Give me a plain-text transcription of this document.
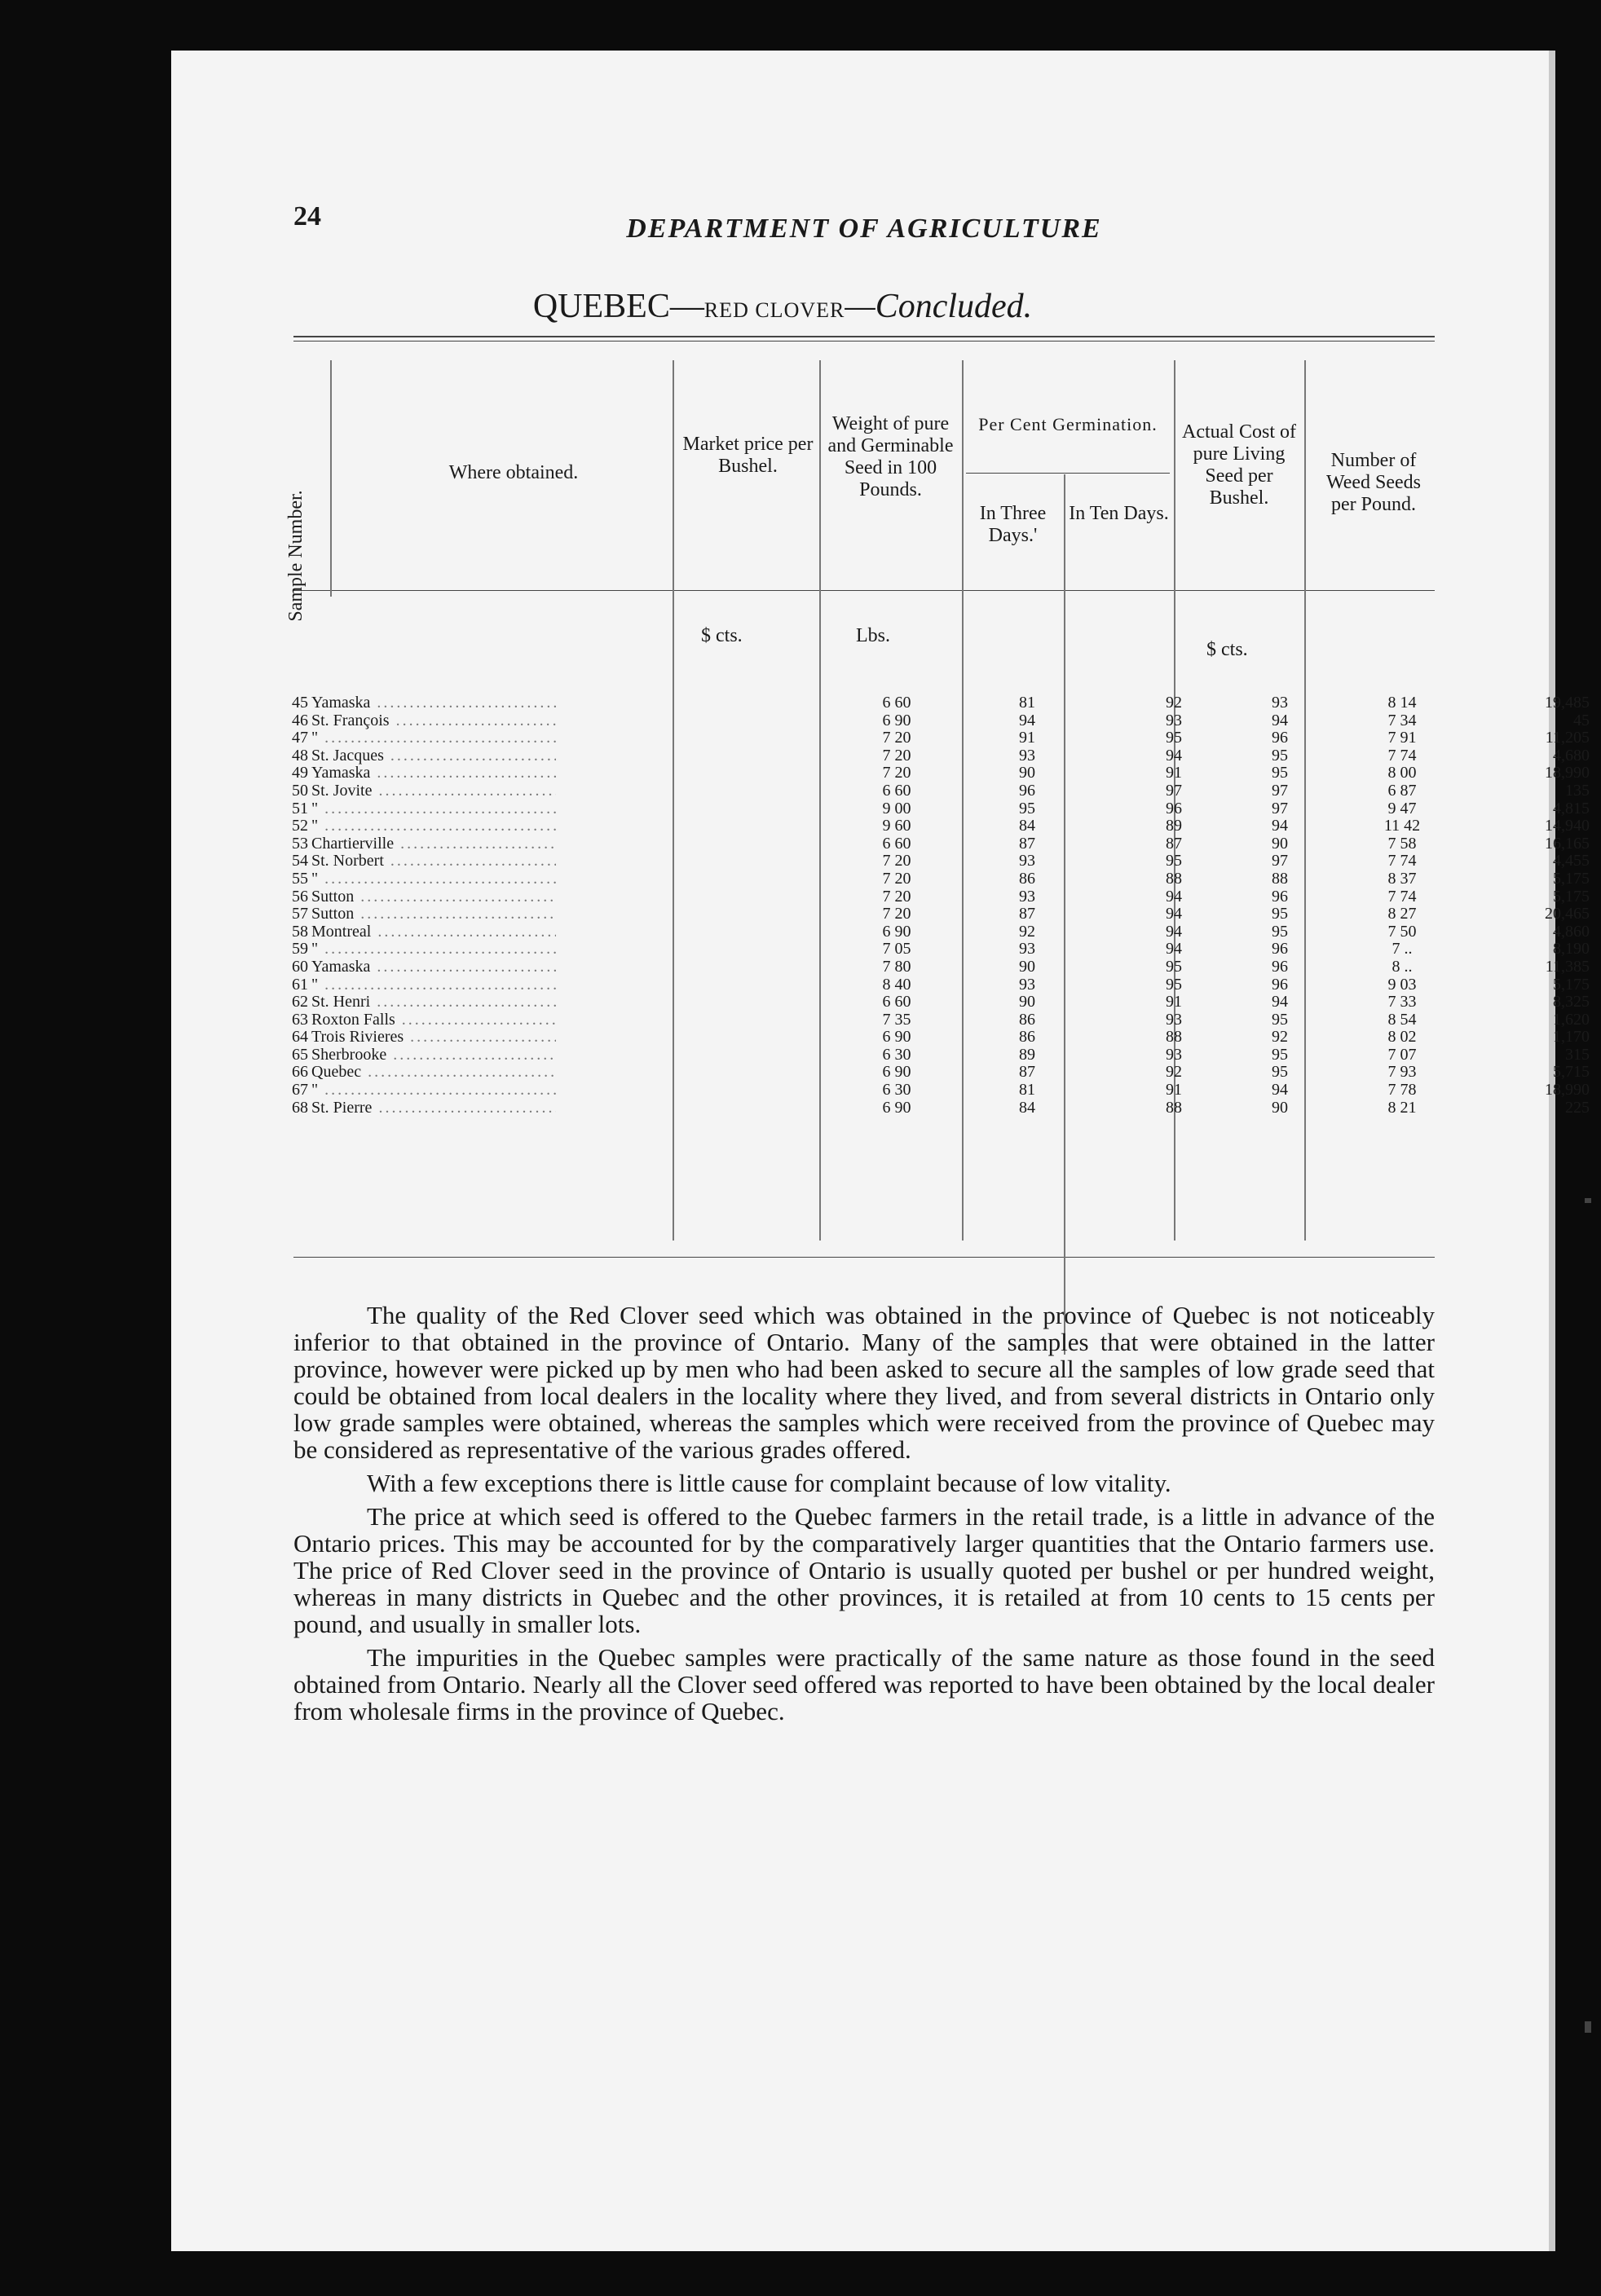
24	DEPARTMENT OF AGRICULTURE
QUEBEC—RED CLOVER—Concluded.
Sample Number.
Where obtained.
Market price per Bushel.
Weight of pure and Germinable Seed in 100 Pounds.
Per Cent Germination.
In Three Days.'
In Ten Days.
Actual Cost of pure Living Seed per Bushel.
Number of Weed Seeds per Pound.
$ cts.	Lbs.
$ cts.
45 Yamaska .....	6 60	81	92	93	8 14	19,485
46 St. François .....	6 90	94	93	94	7 34	45
47 " .....	7 20	91	95	96	7 91	11,205
48 St. Jacques .....	7 20	93	94	95	7 74	4,680
49 Yamaska .....	7 20	90	91	95	8 00	18,990
50 St. Jovite .....	6 60	96	97	97	6 87	135
51 " .....	9 00	95	96	97	9 47	4,815
52 " .....	9 60	84	89	94	11 42	14,940
53 Chartierville .....	6 60	87	87	90	7 58	16,165
54 St. Norbert .....	7 20	93	95	97	7 74	4,455
55 " .....	7 20	86	88	88	8 37	5,175
56 Sutton .....	7 20	93	94	96	7 74	5,175
57 Sutton .....	7 20	87	94	95	8 27	20,465
58 Montreal .....	6 90	92	94	95	7 50	4,860
59 " .....	7 05	93	94	96	7 ..	8,190
60 Yamaska .....	7 80	90	95	96	8 ..	11,385
61 " .....	8 40	93	95	96	9 03	5,175
62 St. Henri .....	6 60	90	91	94	7 33	8,325
63 Roxton Falls .....	7 35	86	93	95	8 54	1,620
64 Trois Rivieres .....	6 90	86	88	92	8 02	1,170
65 Sherbrooke .....	6 30	89	93	95	7 07	315
66 Quebec .....	6 90	87	92	95	7 93	5,715
67 " .....	6 30	81	91	94	7 78	18,990
68 St. Pierre .....	6 90	84	88	90	8 21	225

The quality of the Red Clover seed which was obtained in the province of Quebec is not noticeably inferior to that obtained in the province of Ontario. Many of the samples that were obtained in the latter province, however were picked up by men who had been asked to secure all the samples of low grade seed that could be obtained from local dealers in the locality where they lived, and from several districts in Ontario only low grade samples were obtained, whereas the samples which were received from the province of Quebec may be considered as representative of the various grades offered.

With a few exceptions there is little cause for complaint because of low vitality.

The price at which seed is offered to the Quebec farmers in the retail trade, is a little in advance of the Ontario prices. This may be accounted for by the comparatively larger quantities that the Ontario farmers use. The price of Red Clover seed in the province of Ontario is usually quoted per bushel or per hundred weight, whereas in many districts in Quebec and the other provinces, it is retailed at from 10 cents to 15 cents per pound, and usually in smaller lots.

The impurities in the Quebec samples were practically of the same nature as those found in the seed obtained from Ontario. Nearly all the Clover seed offered was reported to have been obtained by the local dealer from wholesale firms in the province of Quebec.
